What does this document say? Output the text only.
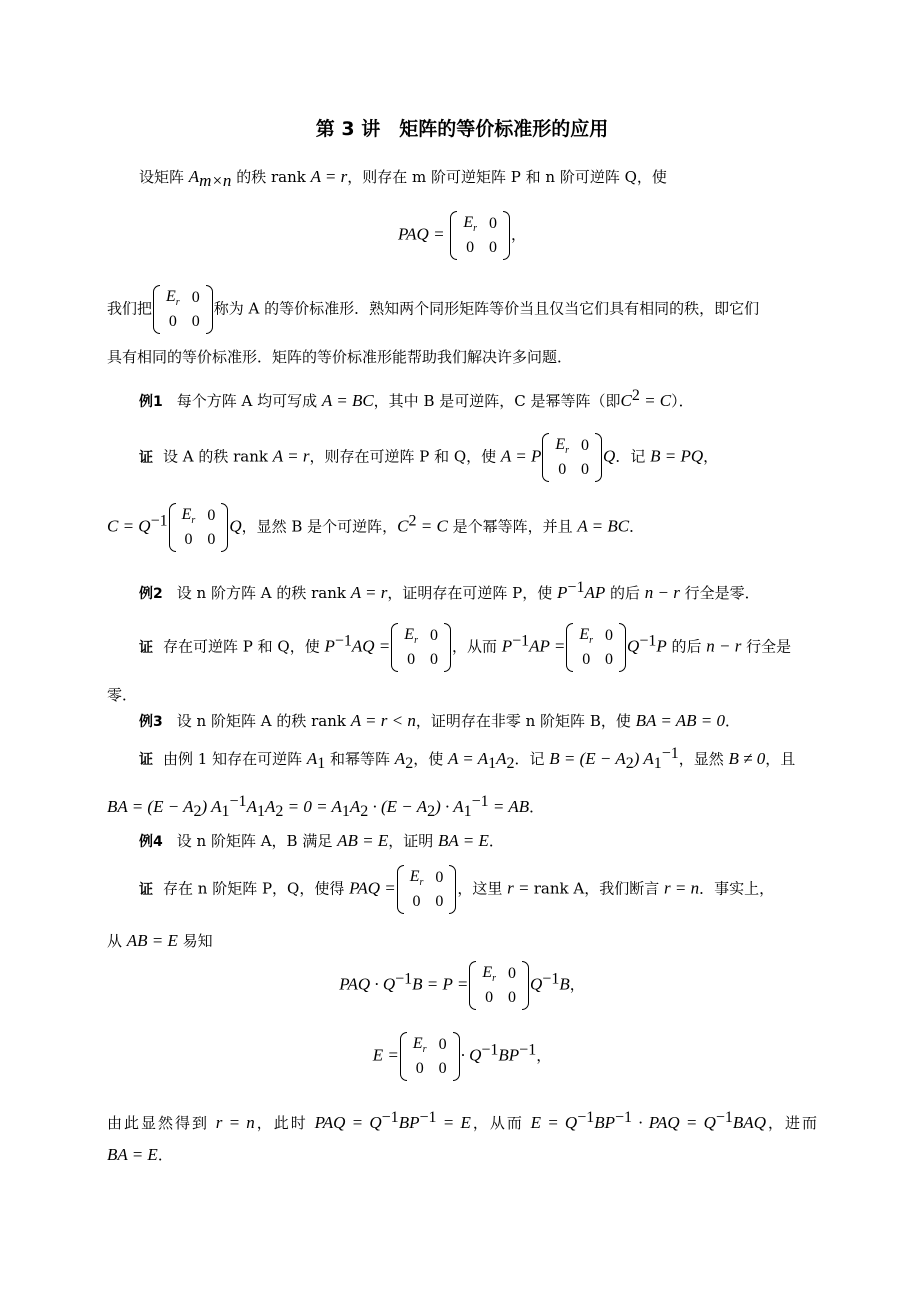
第 3 讲　矩阵的等价标准形的应用
设矩阵 $A_{m\times n}$ 的秩 rank A = r，则存在 m 阶可逆矩阵 P 和 n 阶可逆阵 Q，使
PAQ =
$E_r$	0
0	0
，
我们把
$E_r$	0
0	0
称为 A 的等价标准形．熟知两个同形矩阵等价当且仅当它们具有相同的秩，即它们
具有相同的等价标准形．矩阵的等价标准形能帮助我们解决许多问题．
例1 每个方阵 A 均可写成 A = BC，其中 B 是可逆阵，C 是幂等阵（即$C^2 = C$）．
证 设 A 的秩 rank A = r，则存在可逆阵 P 和 Q，使 A = P
$E_r$	0
0	0
Q．记 B = PQ，
$C = Q^{-1}$ $E_r$	0
0	0
Q，显然 B 是个可逆阵，$C^2 = C$ 是个幂等阵，并且 A = BC．
例2 设 n 阶方阵 A 的秩 rank A = r，证明存在可逆阵 P，使 $P^{-1}AP$ 的后 n − r 行全是零．
证 存在可逆阵 P 和 Q，使 $P^{-1}AQ$ =
$E_r$	0
0	0
，从而 $P^{-1}AP$ =
$E_r$	0
0	0
$Q^{-1}P$ 的后 n − r 行全是
零．
例3 设 n 阶矩阵 A 的秩 rank A = r < n，证明存在非零 n 阶矩阵 B，使 BA = AB = 0．
证 由例 1 知存在可逆阵 $A_1$ 和幂等阵 $A_2$，使 $A = A_1A_2$．记 $B = (E - A_2)$ $A_1^{-1}$，显然 B ≠ 0，且
BA = $(E - A_2)$ $A_1^{-1}A_1A_2 = 0 = A_1A_2 \cdot (E - A_2) \cdot A_1^{-1}$ = AB．
例4 设 n 阶矩阵 A，B 满足 AB = E，证明 BA = E．
证 存在 n 阶矩阵 P，Q，使得 PAQ =
$E_r$	0
0	0
，这里 r = rank A，我们断言 r = n．事实上，
从 AB = E 易知
PAQ · $Q^{-1}B = P$ =
$E_r$	0
0	0
$Q^{-1}B$，
E =
$E_r$	0
0	0
· $Q^{-1}BP^{-1}$，
由此显然得到 r = n，此时 PAQ = $Q^{-1}BP^{-1} = E$，从而 $E = Q^{-1}BP^{-1}$ · PAQ = $Q^{-1}BAQ$，进而
BA = E．
